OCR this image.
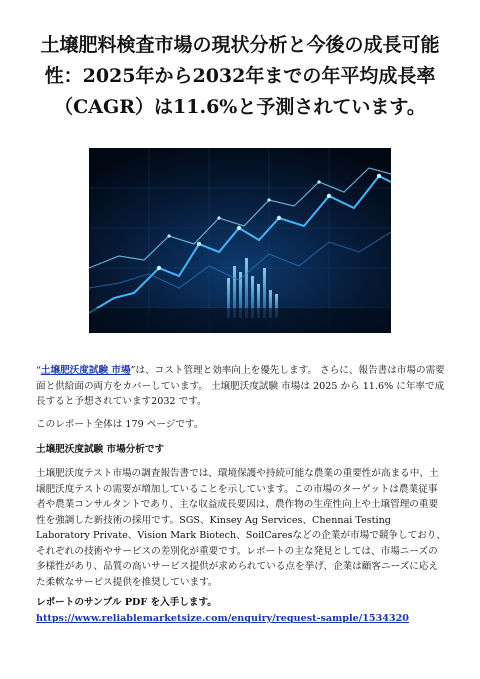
土壌肥料検査市場の現状分析と今後の成長可能性：2025年から2032年までの年平均成長率（CAGR）は11.6%と予測されています。

“土壌肥沃度試験 市場”は、コスト管理と効率向上を優先します。 さらに、報告書は市場の需要面と供給面の両方をカバーしています。 土壌肥沃度試験 市場は 2025 から 11.6% に年率で成長すると予想されています2032 です。

このレポート全体は 179 ページです。

土壌肥沃度試験 市場分析です

土壌肥沃度テスト市場の調査報告書では、環境保護や持続可能な農業の重要性が高まる中、土壌肥沃度テストの需要が増加していることを示しています。この市場のターゲットは農業従事者や農業コンサルタントであり、主な収益成長要因は、農作物の生産性向上や土壌管理の重要性を強調した新技術の採用です。SGS、Kinsey Ag Services、Chennai Testing Laboratory Private、Vision Mark Biotech、SoilCaresなどの企業が市場で競争しており、それぞれの技術やサービスの差別化が重要です。レポートの主な発見としては、市場ニーズの多様性があり、品質の高いサービス提供が求められている点を挙げ、企業は顧客ニーズに応えた柔軟なサービス提供を推奨しています。

レポートのサンプル PDF を入手します。 https://www.reliablemarketsize.com/enquiry/request-sample/1534320
